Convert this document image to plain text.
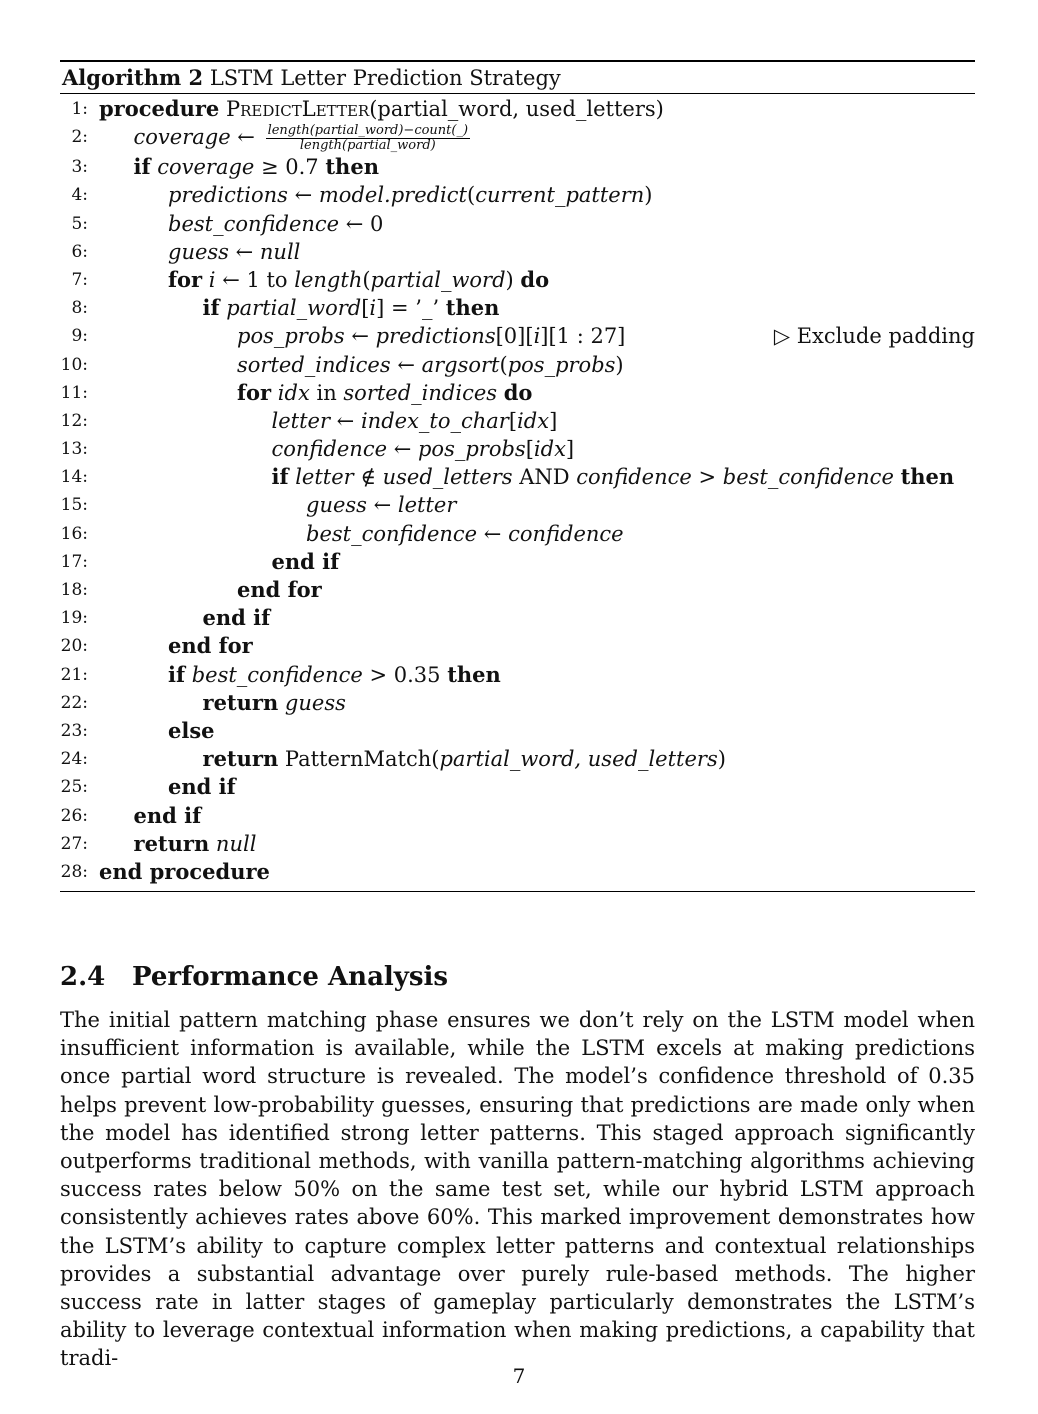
Algorithm 2 LSTM Letter Prediction Strategy
1: procedure PredictLetter(partial_word, used_letters)
2: coverage ← $\frac{\text{length(partial\_word)−count(\_)}}{\text{length(partial\_word)}}$
3: if coverage ≥ 0.7 then
4:	predictions ← model.predict(current_pattern)
5:	best_confidence ← 0
6:	guess ← null
7:	for i ← 1 to length(partial_word) do
8:	if partial_word[i] = ’_’ then
9:	pos_probs ← predictions[0][i][1 : 27]	▷ Exclude padding
10:	sorted_indices ← argsort(pos_probs)
11:	for idx in sorted_indices do
12:	letter ← index_to_char[idx]
13:	confidence ← pos_probs[idx]
14:	if letter ∉ used_letters AND confidence > best_confidence then
15:	guess ← letter
16:	best_confidence ← confidence
17:	end if
18:	end for
19:	end if
20:	end for
21:	if best_confidence > 0.35 then
22:	return guess
23:	else
24:	return PatternMatch(partial_word, used_letters)
25:	end if
26: end if
27: return null
28: end procedure
2.4 Performance Analysis

The initial pattern matching phase ensures we don’t rely on the LSTM model when insufficient information is available, while the LSTM excels at making predictions once partial word structure is revealed. The model’s confidence threshold of 0.35 helps prevent low-probability guesses, ensuring that predictions are made only when the model has identified strong letter patterns. This staged approach significantly outperforms traditional methods, with vanilla pattern-matching algorithms achieving success rates below 50% on the same test set, while our hybrid LSTM approach consistently achieves rates above 60%. This marked improvement demonstrates how the LSTM’s ability to capture complex letter patterns and contextual relationships provides a substantial advantage over purely rule-based methods. The higher success rate in latter stages of gameplay particularly demonstrates the LSTM’s ability to leverage contextual information when making predictions, a capability that tradi-

7
